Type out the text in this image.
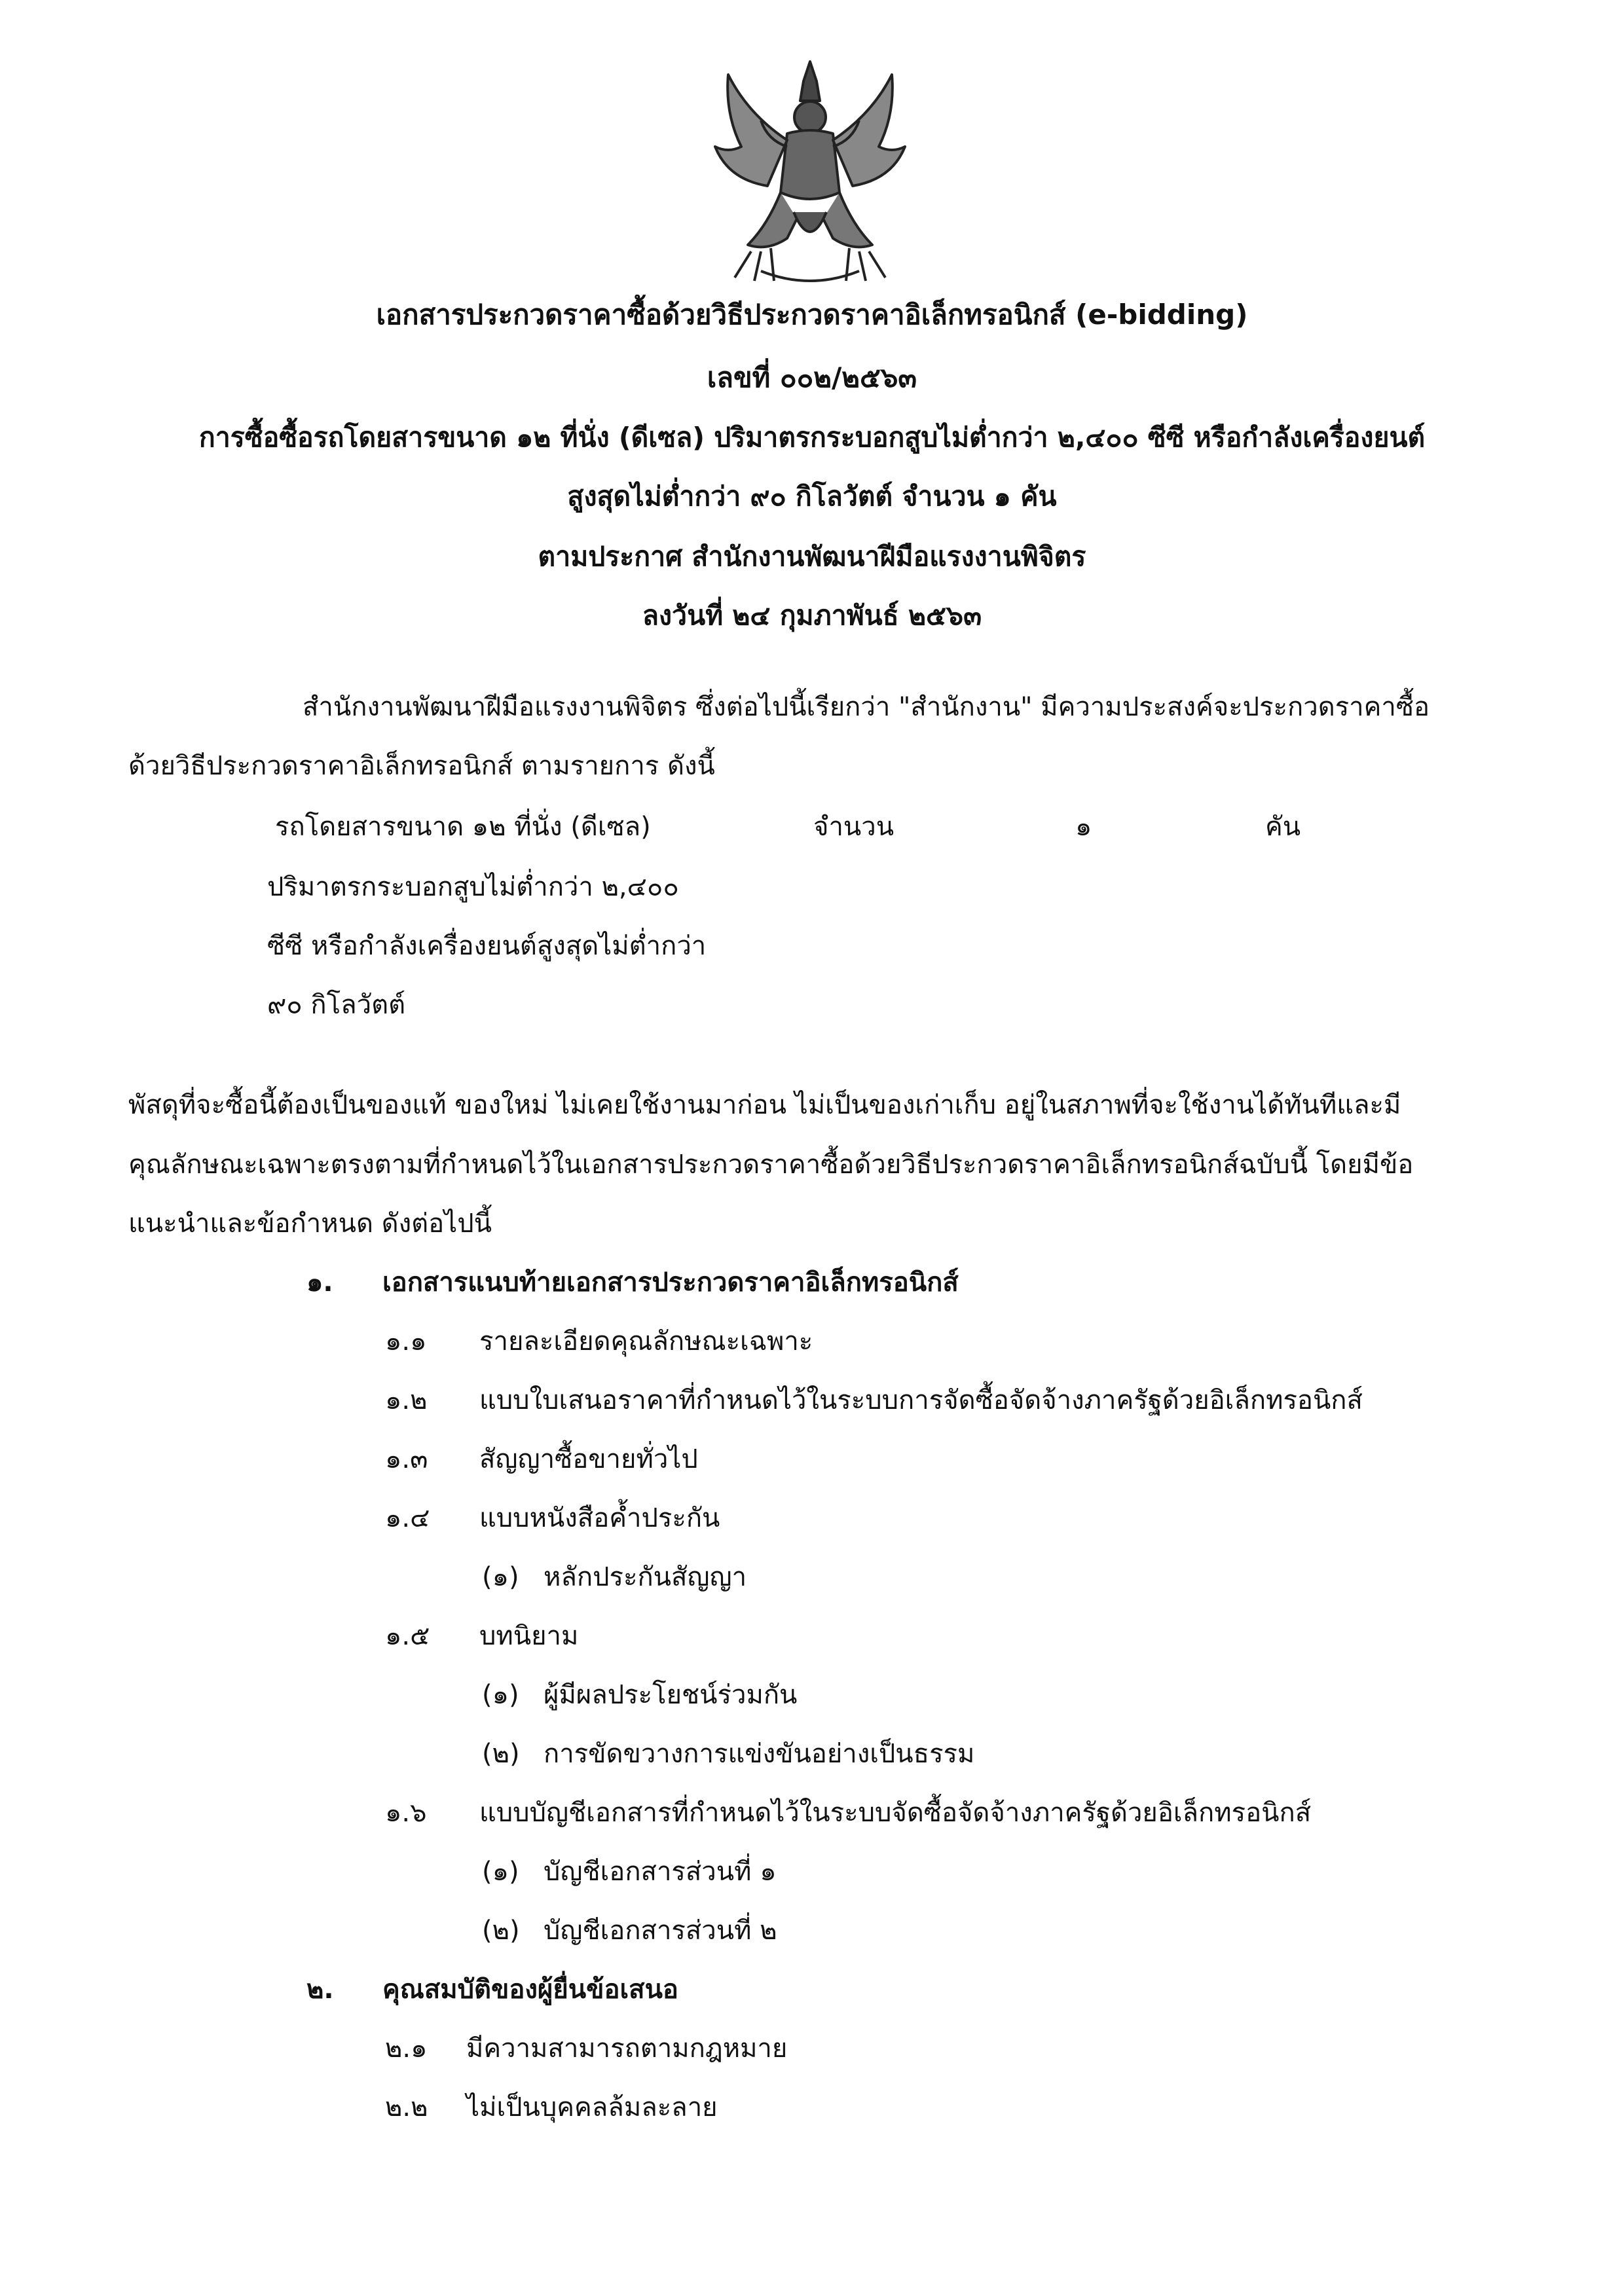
เอกสารประกวดราคาซื้อด้วยวิธีประกวดราคาอิเล็กทรอนิกส์ (e-bidding)
เลขที่ ๐๐๒/๒๕๖๓
การซื้อซื้อรถโดยสารขนาด ๑๒ ที่นั่ง (ดีเซล) ปริมาตรกระบอกสูบไม่ต่ำกว่า ๒,๔๐๐ ซีซี หรือกำลังเครื่องยนต์
สูงสุดไม่ต่ำกว่า ๙๐ กิโลวัตต์ จำนวน ๑ คัน
ตามประกาศ สำนักงานพัฒนาฝีมือแรงงานพิจิตร
ลงวันที่ ๒๔ กุมภาพันธ์ ๒๕๖๓
สำนักงานพัฒนาฝีมือแรงงานพิจิตร ซึ่งต่อไปนี้เรียกว่า "สำนักงาน" มีความประสงค์จะประกวดราคาซื้อ
ด้วยวิธีประกวดราคาอิเล็กทรอนิกส์ ตามรายการ ดังนี้
รถโดยสารขนาด ๑๒ ที่นั่ง (ดีเซล)	จำนวน	๑	คัน
ปริมาตรกระบอกสูบไม่ต่ำกว่า ๒,๔๐๐
ซีซี หรือกำลังเครื่องยนต์สูงสุดไม่ต่ำกว่า
๙๐ กิโลวัตต์
พัสดุที่จะซื้อนี้ต้องเป็นของแท้ ของใหม่ ไม่เคยใช้งานมาก่อน ไม่เป็นของเก่าเก็บ อยู่ในสภาพที่จะใช้งานได้ทันทีและมี
คุณลักษณะเฉพาะตรงตามที่กำหนดไว้ในเอกสารประกวดราคาซื้อด้วยวิธีประกวดราคาอิเล็กทรอนิกส์ฉบับนี้ โดยมีข้อ
แนะนำและข้อกำหนด ดังต่อไปนี้
๑. เอกสารแนบท้ายเอกสารประกวดราคาอิเล็กทรอนิกส์
๑.๑ รายละเอียดคุณลักษณะเฉพาะ
๑.๒ แบบใบเสนอราคาที่กำหนดไว้ในระบบการจัดซื้อจัดจ้างภาครัฐด้วยอิเล็กทรอนิกส์
๑.๓ สัญญาซื้อขายทั่วไป
๑.๔ แบบหนังสือค้ำประกัน
(๑) หลักประกันสัญญา
๑.๕ บทนิยาม
(๑) ผู้มีผลประโยชน์ร่วมกัน
(๒) การขัดขวางการแข่งขันอย่างเป็นธรรม
๑.๖ แบบบัญชีเอกสารที่กำหนดไว้ในระบบจัดซื้อจัดจ้างภาครัฐด้วยอิเล็กทรอนิกส์
(๑) บัญชีเอกสารส่วนที่ ๑
(๒) บัญชีเอกสารส่วนที่ ๒
๒. คุณสมบัติของผู้ยื่นข้อเสนอ
๒.๑ มีความสามารถตามกฎหมาย
๒.๒ ไม่เป็นบุคคลล้มละลาย
